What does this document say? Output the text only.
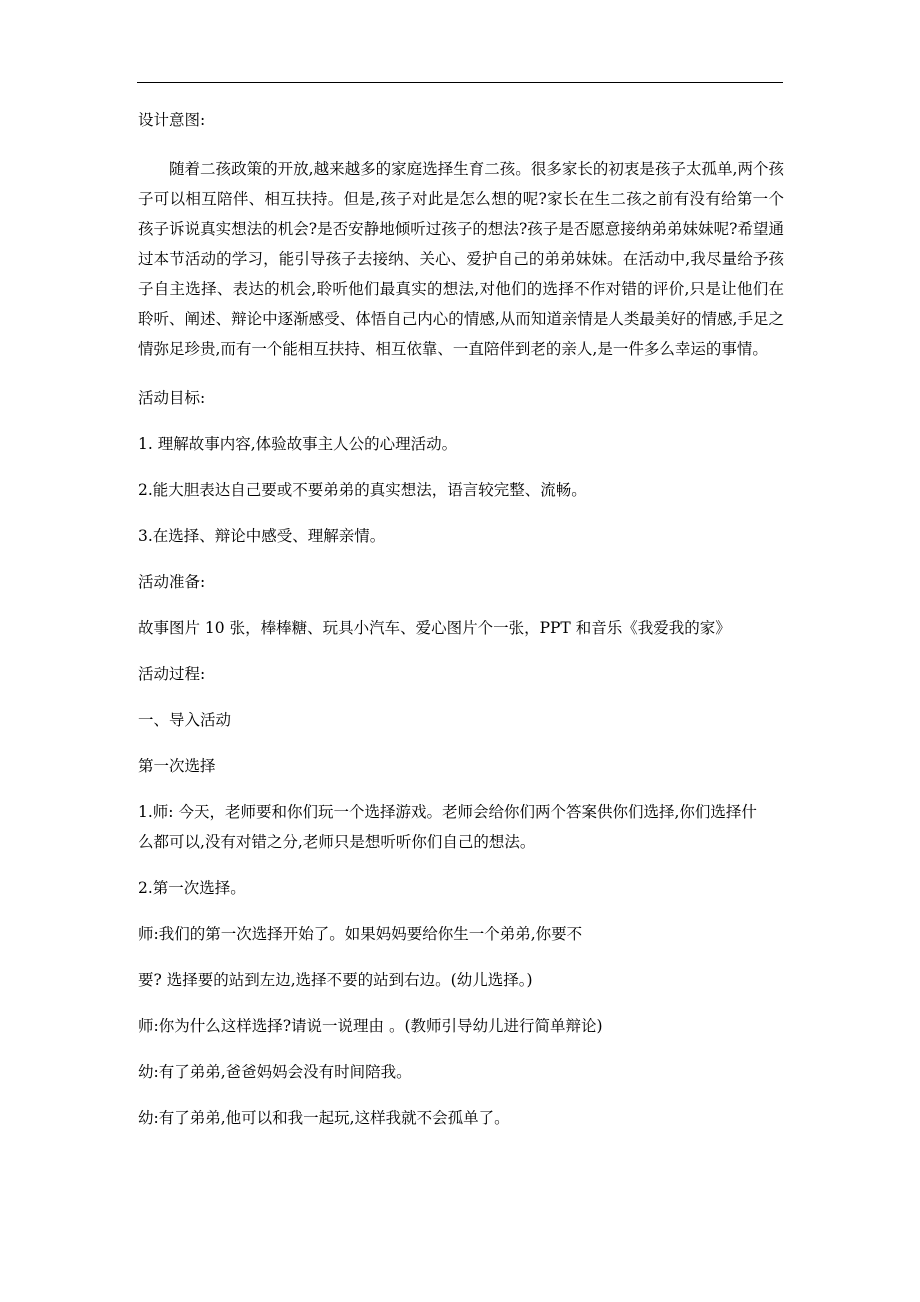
设计意图:
随着二孩政策的开放,越来越多的家庭选择生育二孩。很多家长的初衷是孩子太孤单,两个孩子可以相互陪伴、相互扶持。但是,孩子对此是怎么想的呢?家长在生二孩之前有没有给第一个孩子诉说真实想法的机会?是否安静地倾听过孩子的想法?孩子是否愿意接纳弟弟妹妹呢?希望通过本节活动的学习，能引导孩子去接纳、关心、爱护自己的弟弟妹妹。在活动中,我尽量给予孩子自主选择、表达的机会,聆听他们最真实的想法,对他们的选择不作对错的评价,只是让他们在聆听、阐述、辩论中逐渐感受、体悟自己内心的情感,从而知道亲情是人类最美好的情感,手足之情弥足珍贵,而有一个能相互扶持、相互依靠、一直陪伴到老的亲人,是一件多么幸运的事情。
活动目标:
1. 理解故事内容,体验故事主人公的心理活动。
2.能大胆表达自己要或不要弟弟的真实想法，语言较完整、流畅。
3.在选择、辩论中感受、理解亲情。
活动准备:
故事图片 10 张，棒棒糖、玩具小汽车、爱心图片个一张，PPT 和音乐《我爱我的家》
活动过程:
一、导入活动
第一次选择
1.师: 今天，老师要和你们玩一个选择游戏。老师会给你们两个答案供你们选择,你们选择什
么都可以,没有对错之分,老师只是想听听你们自己的想法。
2.第一次选择。
师:我们的第一次选择开始了。如果妈妈要给你生一个弟弟,你要不
要? 选择要的站到左边,选择不要的站到右边。(幼儿选择。)
师:你为什么这样选择?请说一说理由 。(教师引导幼儿进行简单辩论)
幼:有了弟弟,爸爸妈妈会没有时间陪我。
幼:有了弟弟,他可以和我一起玩,这样我就不会孤单了。
